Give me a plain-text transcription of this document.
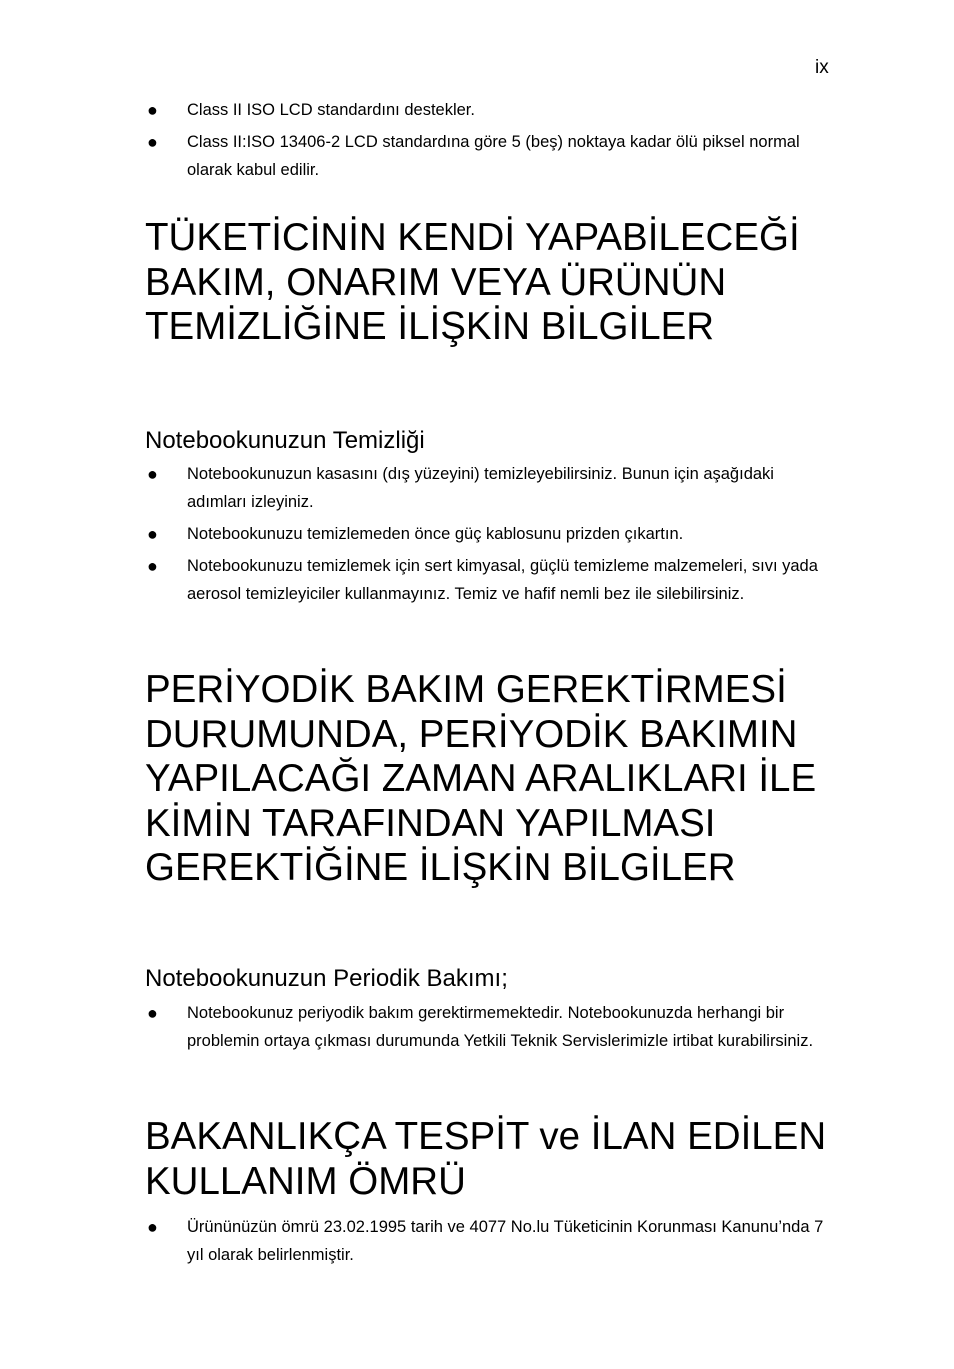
ix
● Class II ISO LCD standardını destekler.
● Class II:ISO 13406-2 LCD standardına göre 5 (beş) noktaya kadar ölü piksel normal olarak kabul edilir.
TÜKETİCİNİN KENDİ YAPABİLECEĞİ BAKIM, ONARIM VEYA ÜRÜNÜN TEMİZLİĞİNE İLİŞKİN BİLGİLER
Notebookunuzun Temizliği
● Notebookunuzun kasasını (dış yüzeyini) temizleyebilirsiniz. Bunun için aşağıdaki adımları izleyiniz.
● Notebookunuzu temizlemeden önce güç kablosunu prizden çıkartın.
● Notebookunuzu temizlemek için sert kimyasal, güçlü temizleme malzemeleri, sıvı yada aerosol temizleyiciler kullanmayınız. Temiz ve hafif nemli bez ile silebilirsiniz.
PERİYODİK BAKIM GEREKTİRMESİ DURUMUNDA, PERİYODİK BAKIMIN YAPILACAĞI ZAMAN ARALIKLARI İLE KİMİN TARAFINDAN YAPILMASI GEREKTİĞİNE İLİŞKİN BİLGİLER
Notebookunuzun Periodik Bakımı;
● Notebookunuz periyodik bakım gerektirmemektedir. Notebookunuzda herhangi bir problemin ortaya çıkması durumunda Yetkili Teknik Servislerimizle irtibat kurabilirsiniz.
BAKANLIKÇA TESPİT ve İLAN EDİLEN KULLANIM ÖMRÜ
● Ürününüzün ömrü 23.02.1995 tarih ve 4077 No.lu Tüketicinin Korunması Kanunu’nda 7 yıl olarak belirlenmiştir.
